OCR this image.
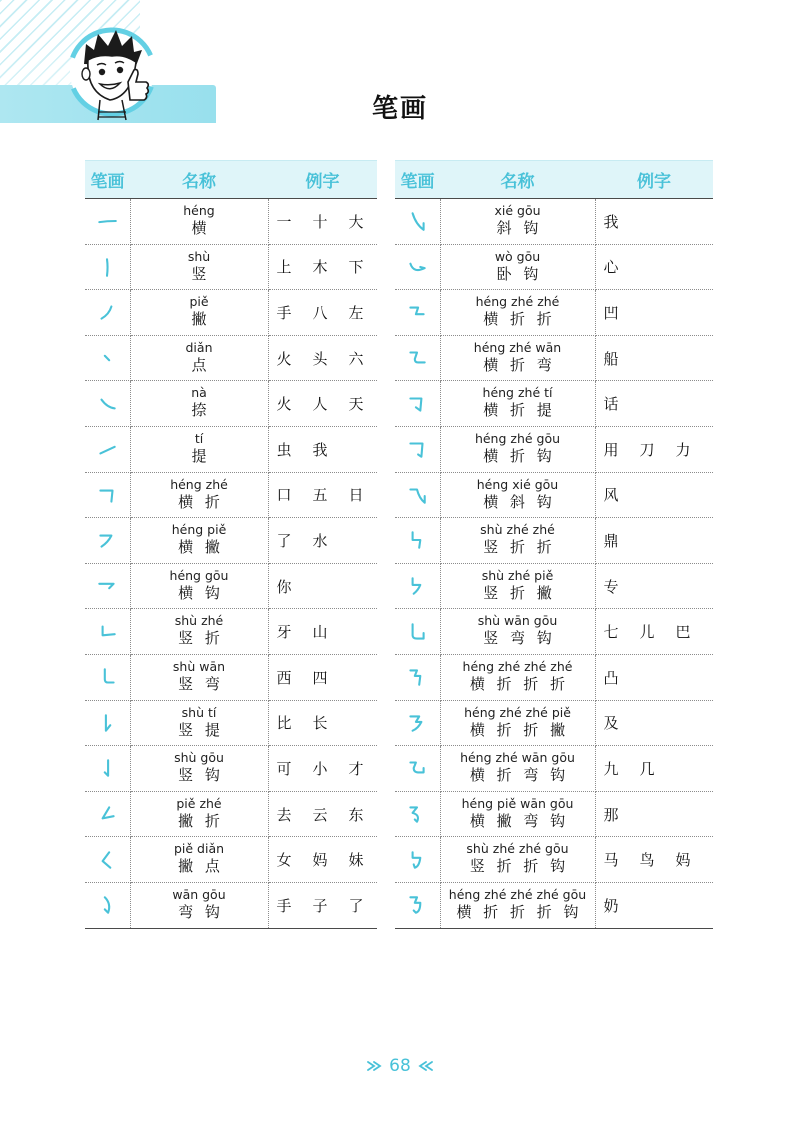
笔画
笔画	名称	例字

héng
横	一 十 大

shù
竖	上 木 下

piě
撇	手 八 左

diǎn
点	火 头 六

nà
捺	火 人 天

tí
提	虫 我

héng zhé
横 折	口 五 日

héng piě
横 撇	了 水

héng gōu
横 钩	你

shù zhé
竖 折	牙 山

shù wān
竖 弯	西 四

shù tí
竖 提	比 长

shù gōu
竖 钩	可 小 才

piě zhé
撇 折	去 云 东

piě diǎn
撇 点	女 妈 妹

wān gōu
弯 钩	手 子 了
笔画	名称	例字

xié gōu
斜 钩	我

wò gōu
卧 钩	心

héng zhé zhé
横 折 折	凹

héng zhé wān
横 折 弯	船

héng zhé tí
横 折 提	话

héng zhé gōu
横 折 钩	用 刀 力

héng xié gōu
横 斜 钩	风

shù zhé zhé
竖 折 折	鼎

shù zhé piě
竖 折 撇	专

shù wān gōu
竖 弯 钩	七 儿 巴

héng zhé zhé zhé
横 折 折 折	凸

héng zhé zhé piě
横 折 折 撇	及

héng zhé wān gōu
横 折 弯 钩	九 几

héng piě wān gōu
横 撇 弯 钩	那

shù zhé zhé gōu
竖 折 折 钩	马 鸟 妈

héng zhé zhé zhé gōu
横 折 折 折 钩	奶
68
